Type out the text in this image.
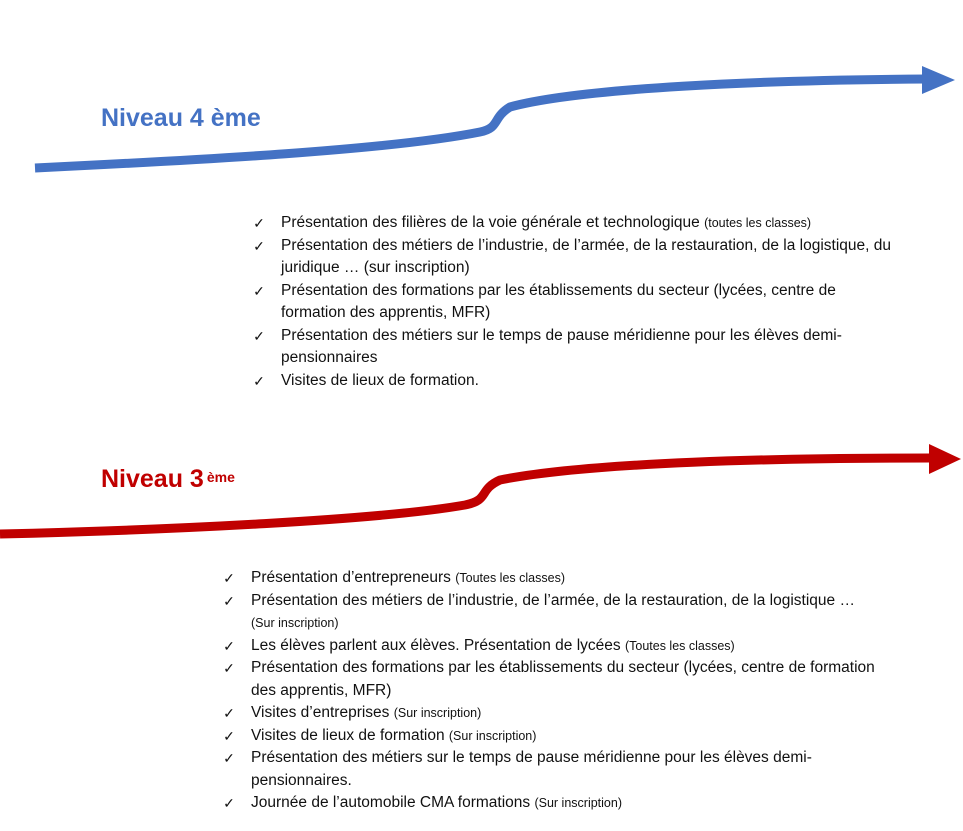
Niveau 4 ème
✓ Présentation des filières de la voie générale et technologique (toutes les classes)
✓ Présentation des métiers de l’industrie, de l’armée, de la restauration, de la logistique, du juridique … (sur inscription)
✓ Présentation des formations par les établissements du secteur (lycées, centre de formation des apprentis, MFR)
✓ Présentation des métiers sur le temps de pause méridienne pour les élèves demi-pensionnaires
✓ Visites de lieux de formation.
Niveau 3 $^{ème}$
✓ Présentation d’entrepreneurs (Toutes les classes)
✓ Présentation des métiers de l’industrie, de l’armée, de la restauration, de la logistique … (Sur inscription)
✓ Les élèves parlent aux élèves. Présentation de lycées (Toutes les classes)
✓ Présentation des formations par les établissements du secteur (lycées, centre de formation des apprentis, MFR)
✓ Visites d’entreprises (Sur inscription)
✓ Visites de lieux de formation (Sur inscription)
✓ Présentation des métiers sur le temps de pause méridienne pour les élèves demi-pensionnaires.
✓ Journée de l’automobile CMA formations (Sur inscription)
